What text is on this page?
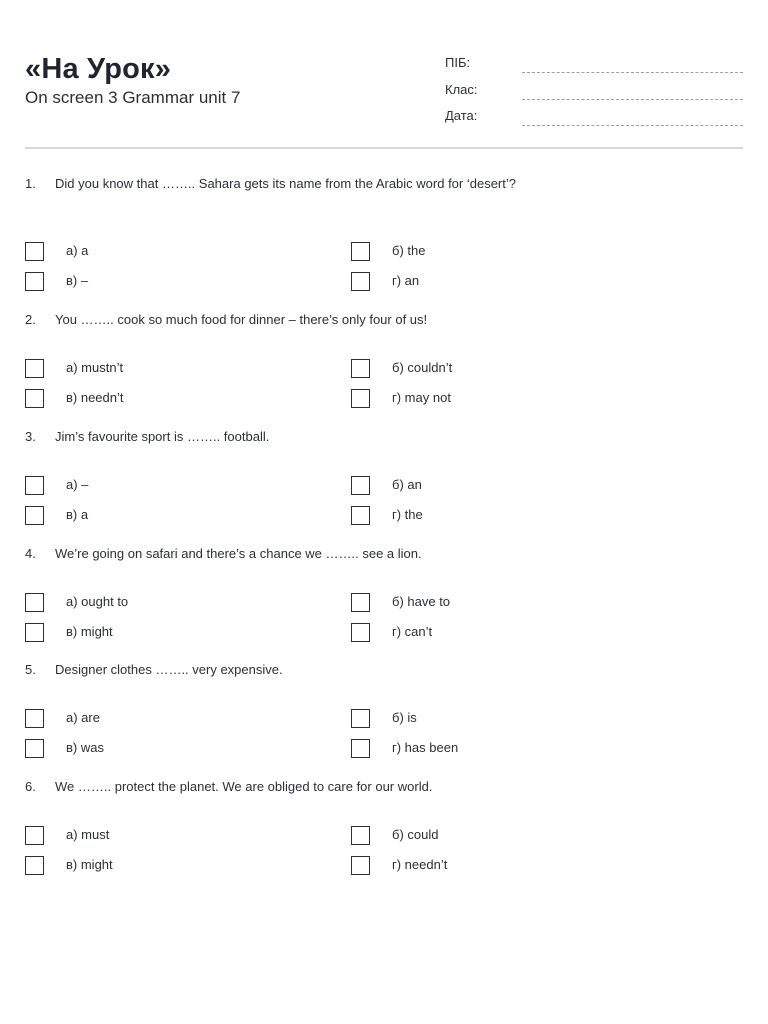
«На Урок»
On screen 3 Grammar unit 7
ПІБ:
Клас:
Дата:
1. Did you know that …….. Sahara gets its name from the Arabic word for ‘desert’?
а) a	б) the
в) –	г) an
2. You …….. cook so much food for dinner – there’s only four of us!
а) mustn’t	б) couldn’t
в) needn’t	г) may not
3. Jim’s favourite sport is …….. football.
а) –	б) an
в) a	г) the
4. We’re going on safari and there’s a chance we …….. see a lion.
а) ought to	б) have to
в) might	г) can’t
5. Designer clothes …….. very expensive.
а) are	б) is
в) was	г) has been
6. We …….. protect the planet. We are obliged to care for our world.
а) must	б) could
в) might	г) needn’t
